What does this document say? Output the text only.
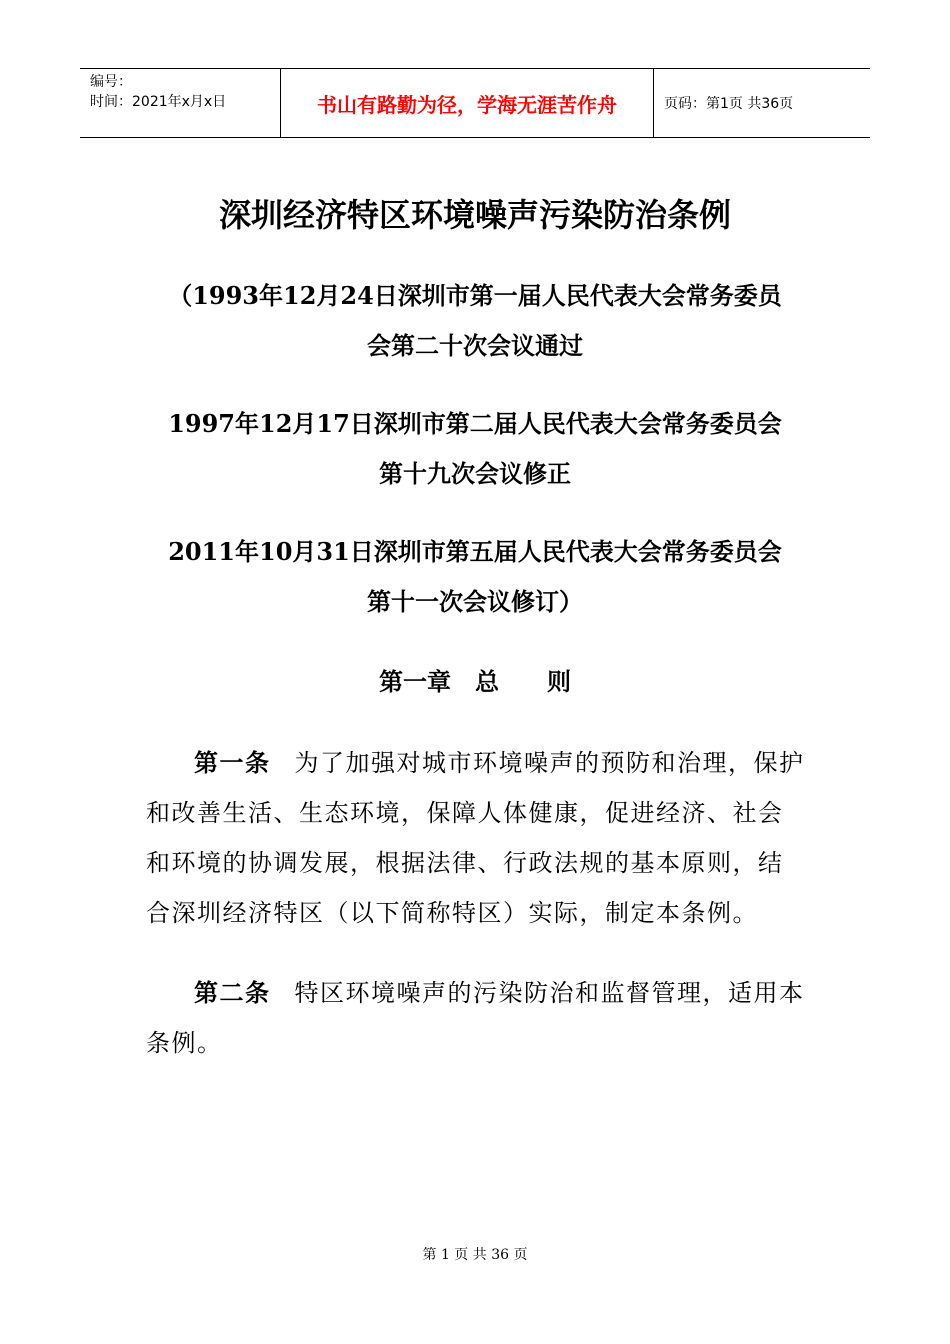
编号：
时间：2021年x月x日	书山有路勤为径，学海无涯苦作舟	页码：第1页 共36页
深圳经济特区环境噪声污染防治条例

（1993年12月24日深圳市第一届人民代表大会常务委员

会第二十次会议通过

1997年12月17日深圳市第二届人民代表大会常务委员会

第十九次会议修正

2011年10月31日深圳市第五届人民代表大会常务委员会

第十一次会议修订）

第一章 总 则

第一条 为了加强对城市环境噪声的预防和治理，保护和改善生活、生态环境，保障人体健康，促进经济、社会和环境的协调发展，根据法律、行政法规的基本原则，结合深圳经济特区（以下简称特区）实际，制定本条例。

第二条 特区环境噪声的污染防治和监督管理，适用本条例。

第 1 页 共 36 页
